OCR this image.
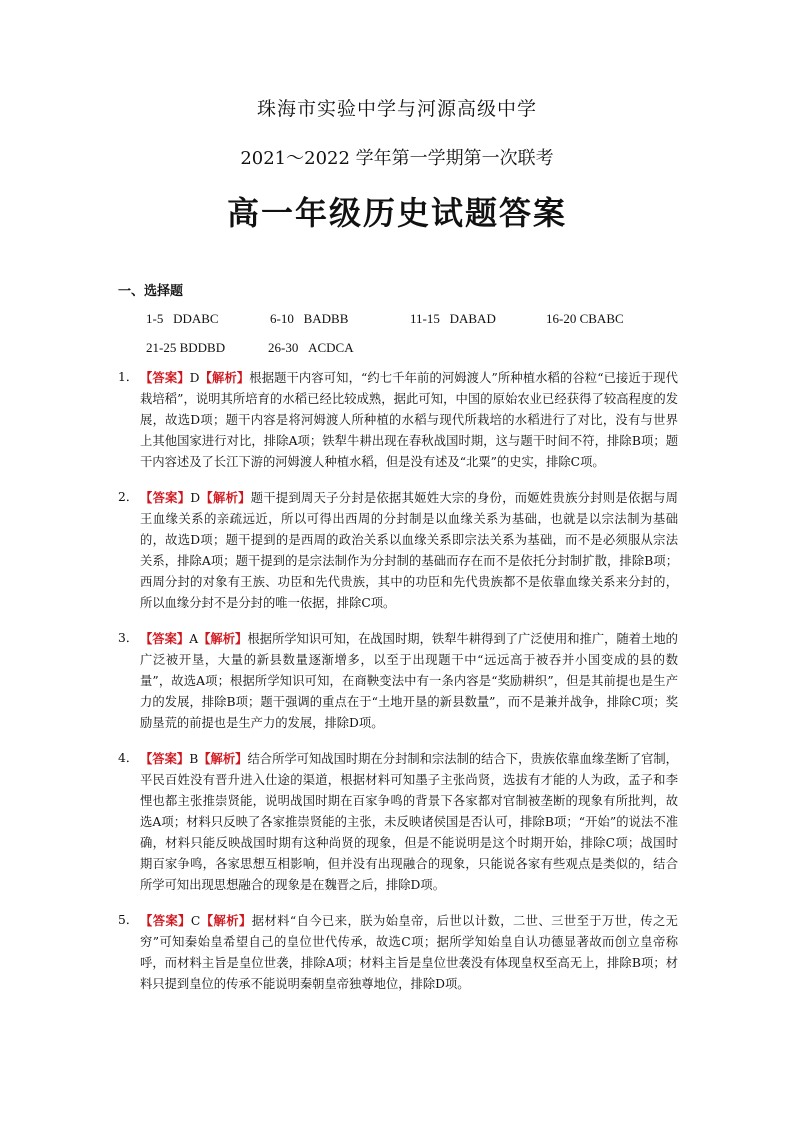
珠海市实验中学与河源高级中学
2021～2022 学年第一学期第一次联考
高一年级历史试题答案
一、选择题
1-5 DDABC	6-10 BADBB	11-15 DABAD	16-20 CBABC
21-25 BDDBD	26-30 ACDCA
1． 【答案】D【解析】根据题干内容可知，“约七千年前的河姆渡人”所种植水稻的谷粒“已接近于现代栽培稻”，说明其所培育的水稻已经比较成熟，据此可知，中国的原始农业已经获得了较高程度的发展，故选D项；题干内容是将河姆渡人所种植的水稻与现代所栽培的水稻进行了对比，没有与世界上其他国家进行对比，排除A项；铁犁牛耕出现在春秋战国时期，这与题干时间不符，排除B项；题干内容述及了长江下游的河姆渡人种植水稻，但是没有述及“北粟”的史实，排除C项。
2． 【答案】D【解析】题干提到周天子分封是依据其姬姓大宗的身份，而姬姓贵族分封则是依据与周王血缘关系的亲疏远近，所以可得出西周的分封制是以血缘关系为基础，也就是以宗法制为基础的，故选D项；题干提到的是西周的政治关系以血缘关系即宗法关系为基础，而不是必须服从宗法关系，排除A项；题干提到的是宗法制作为分封制的基础而存在而不是依托分封制扩散，排除B项；西周分封的对象有王族、功臣和先代贵族，其中的功臣和先代贵族都不是依靠血缘关系来分封的，所以血缘分封不是分封的唯一依据，排除C项。
3． 【答案】A【解析】根据所学知识可知，在战国时期，铁犁牛耕得到了广泛使用和推广，随着土地的广泛被开垦，大量的新县数量逐渐增多，以至于出现题干中“远远高于被吞并小国变成的县的数量”，故选A项；根据所学知识可知，在商鞅变法中有一条内容是“奖励耕织”，但是其前提也是生产力的发展，排除B项；题干强调的重点在于“土地开垦的新县数量”，而不是兼并战争，排除C项；奖励垦荒的前提也是生产力的发展，排除D项。
4． 【答案】B【解析】结合所学可知战国时期在分封制和宗法制的结合下，贵族依靠血缘垄断了官制，平民百姓没有晋升进入仕途的渠道，根据材料可知墨子主张尚贤，选拔有才能的人为政，孟子和李悝也都主张推崇贤能，说明战国时期在百家争鸣的背景下各家都对官制被垄断的现象有所批判，故选A项；材料只反映了各家推崇贤能的主张，未反映诸侯国是否认可，排除B项；“开始”的说法不准确，材料只能反映战国时期有这种尚贤的现象，但是不能说明是这个时期开始，排除C项；战国时期百家争鸣，各家思想互相影响，但并没有出现融合的现象，只能说各家有些观点是类似的，结合所学可知出现思想融合的现象是在魏晋之后，排除D项。
5． 【答案】C【解析】据材料“自今已来，朕为始皇帝，后世以计数，二世、三世至于万世，传之无穷”可知秦始皇希望自己的皇位世代传承，故选C项；据所学知始皇自认功德显著故而创立皇帝称呼，而材料主旨是皇位世袭，排除A项；材料主旨是皇位世袭没有体现皇权至高无上，排除B项；材料只提到皇位的传承不能说明秦朝皇帝独尊地位，排除D项。
